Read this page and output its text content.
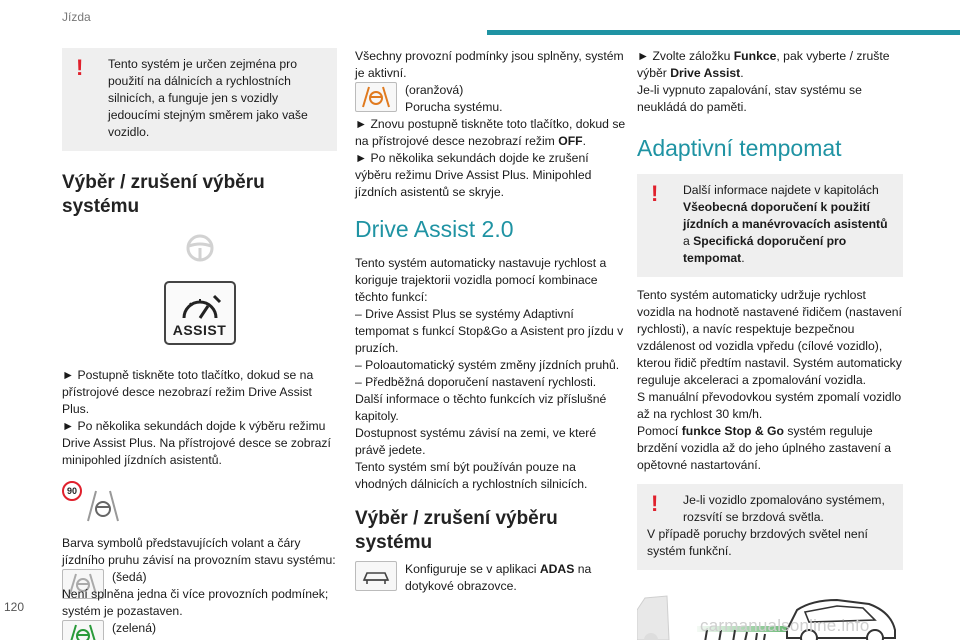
Jízda
!	Tento systém je určen zejména pro použití na dálnicích a rychlostních silnicích, a funguje jen s vozidly jedoucími stejným směrem jako vaše vozidlo.

Výběr / zrušení výběru systému
ASSIST

► Postupně tiskněte toto tlačítko, dokud se na přístrojové desce nezobrazí režim Drive Assist Plus.

► Po několika sekundách dojde k výběru režimu Drive Assist Plus. Na přístrojové desce se zobrazí minipohled jízdních asistentů.

90

Barva symbolů představujících volant a čáry jízdního pruhu závisí na provozním stavu systému:

(šedá)

Není splněna jedna či více provozních podmínek; systém je pozastaven.

(zelená)

Všechny provozní podmínky jsou splněny, systém je aktivní.

(oranžová)

Porucha systému.

► Znovu postupně tiskněte toto tlačítko, dokud se na přístrojové desce nezobrazí režim OFF.

► Po několika sekundách dojde ke zrušení výběru režimu Drive Assist Plus. Minipohled jízdních asistentů se skryje.

Drive Assist 2.0

Tento systém automaticky nastavuje rychlost a koriguje trajektorii vozidla pomocí kombinace těchto funkcí:

– Drive Assist Plus se systémy Adaptivní tempomat s funkcí Stop&Go a Asistent pro jízdu v pruzích.

– Poloautomatický systém změny jízdních pruhů.

– Předběžná doporučení nastavení rychlosti.

Další informace o těchto funkcích viz příslušné kapitoly.

Dostupnost systému závisí na zemi, ve které právě jedete.

Tento systém smí být používán pouze na vhodných dálnicích a rychlostních silnicích.

Výběr / zrušení výběru systému

Konfiguruje se v aplikaci ADAS na dotykové obrazovce.

► Zvolte záložku Funkce, pak vyberte / zrušte výběr Drive Assist.

Je-li vypnuto zapalování, stav systému se neukládá do paměti.

Adaptivní tempomat
!	Další informace najdete v kapitolách Všeobecná doporučení k použití jízdních a manévrovacích asistentů a Specifická doporučení pro tempomat.

Tento systém automaticky udržuje rychlost vozidla na hodnotě nastavené řidičem (nastavení rychlosti), a navíc respektuje bezpečnou vzdálenost od vozidla vpředu (cílové vozidlo), kterou řidič předtím nastavil. Systém automaticky reguluje akceleraci a zpomalování vozidla.

S manuální převodovkou systém zpomalí vozidlo až na rychlost 30 km/h.

Pomocí funkce Stop & Go systém reguluje brzdění vozidla až do jeho úplného zastavení a opětovné nastartování.

!	Je-li vozidlo zpomalováno systémem, rozsvítí se brzdová světla.

V případě poruchy brzdových světel není systém funkční.

120
carmanualsonline.info
